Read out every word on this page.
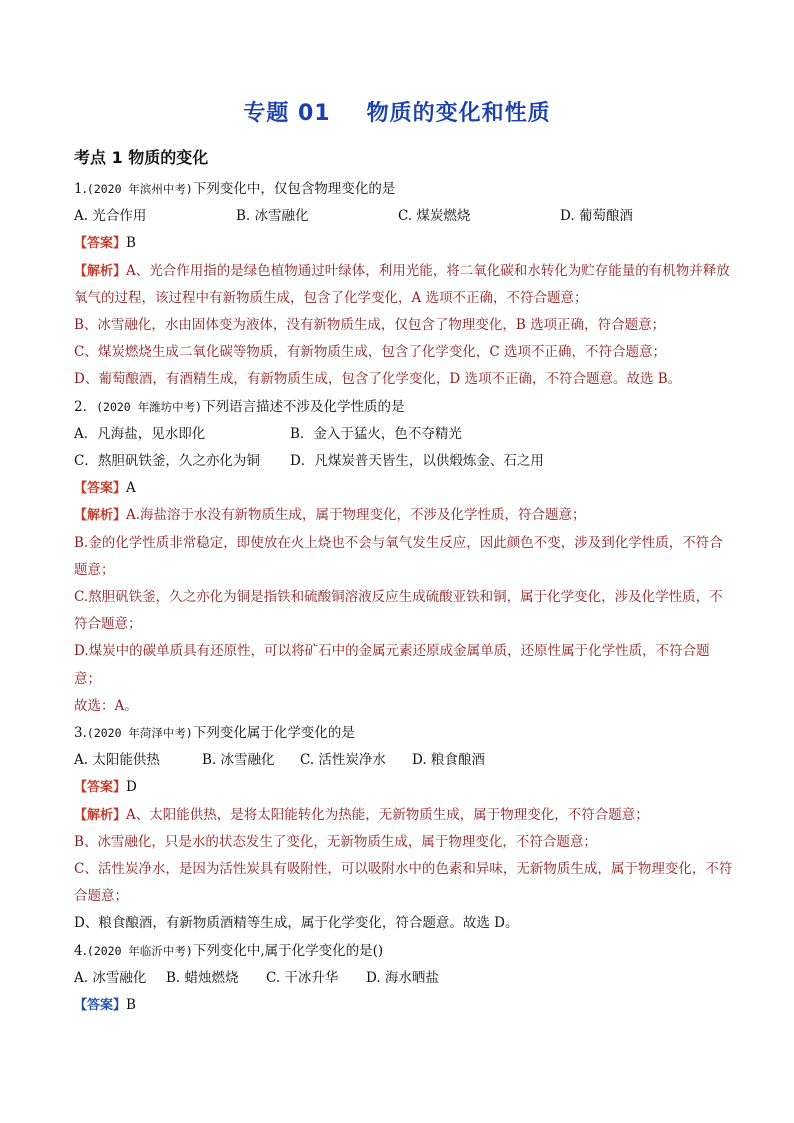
专题 01 物质的变化和性质
考点 1 物质的变化
1.(2020 年滨州中考)下列变化中，仅包含物理变化的是
A. 光合作用	B. 冰雪融化	C. 煤炭燃烧	D. 葡萄酿酒
【答案】B
【解析】A、光合作用指的是绿色植物通过叶绿体，利用光能，将二氧化碳和水转化为贮存能量的有机物并释放氧气的过程，该过程中有新物质生成，包含了化学变化，A 选项不正确，不符合题意；
B、冰雪融化，水由固体变为液体，没有新物质生成，仅包含了物理变化，B 选项正确，符合题意；
C、煤炭燃烧生成二氧化碳等物质，有新物质生成，包含了化学变化，C 选项不正确，不符合题意；
D、葡萄酿酒，有酒精生成，有新物质生成，包含了化学变化，D 选项不正确，不符合题意。故选 B。
2．(2020 年潍坊中考)下列语言描述不涉及化学性质的是
A．凡海盐，见水即化	B．金入于猛火，色不夺精光
C．熬胆矾铁釜，久之亦化为铜	D．凡煤炭普天皆生，以供煅炼金、石之用
【答案】A
【解析】A.海盐溶于水没有新物质生成，属于物理变化，不涉及化学性质，符合题意；
B.金的化学性质非常稳定，即使放在火上烧也不会与氧气发生反应，因此颜色不变，涉及到化学性质，不符合题意；
C.熬胆矾铁釜，久之亦化为铜是指铁和硫酸铜溶液反应生成硫酸亚铁和铜，属于化学变化，涉及化学性质，不符合题意；
D.煤炭中的碳单质具有还原性，可以将矿石中的金属元素还原成金属单质，还原性属于化学性质，不符合题意；
故选：A。
3.(2020 年菏泽中考)下列变化属于化学变化的是
A. 太阳能供热	B. 冰雪融化	C. 活性炭净水	D. 粮食酿酒
【答案】D
【解析】A、太阳能供热，是将太阳能转化为热能，无新物质生成，属于物理变化，不符合题意；
B、冰雪融化，只是水的状态发生了变化，无新物质生成，属于物理变化，不符合题意；
C、活性炭净水，是因为活性炭具有吸附性，可以吸附水中的色素和异味，无新物质生成，属于物理变化，不符合题意；
D、粮食酿酒，有新物质酒精等生成，属于化学变化，符合题意。故选 D。
4.(2020 年临沂中考)下列变化中,属于化学变化的是()
A. 冰雪融化	B. 蜡烛燃烧	C. 干冰升华	D. 海水晒盐
【答案】B
